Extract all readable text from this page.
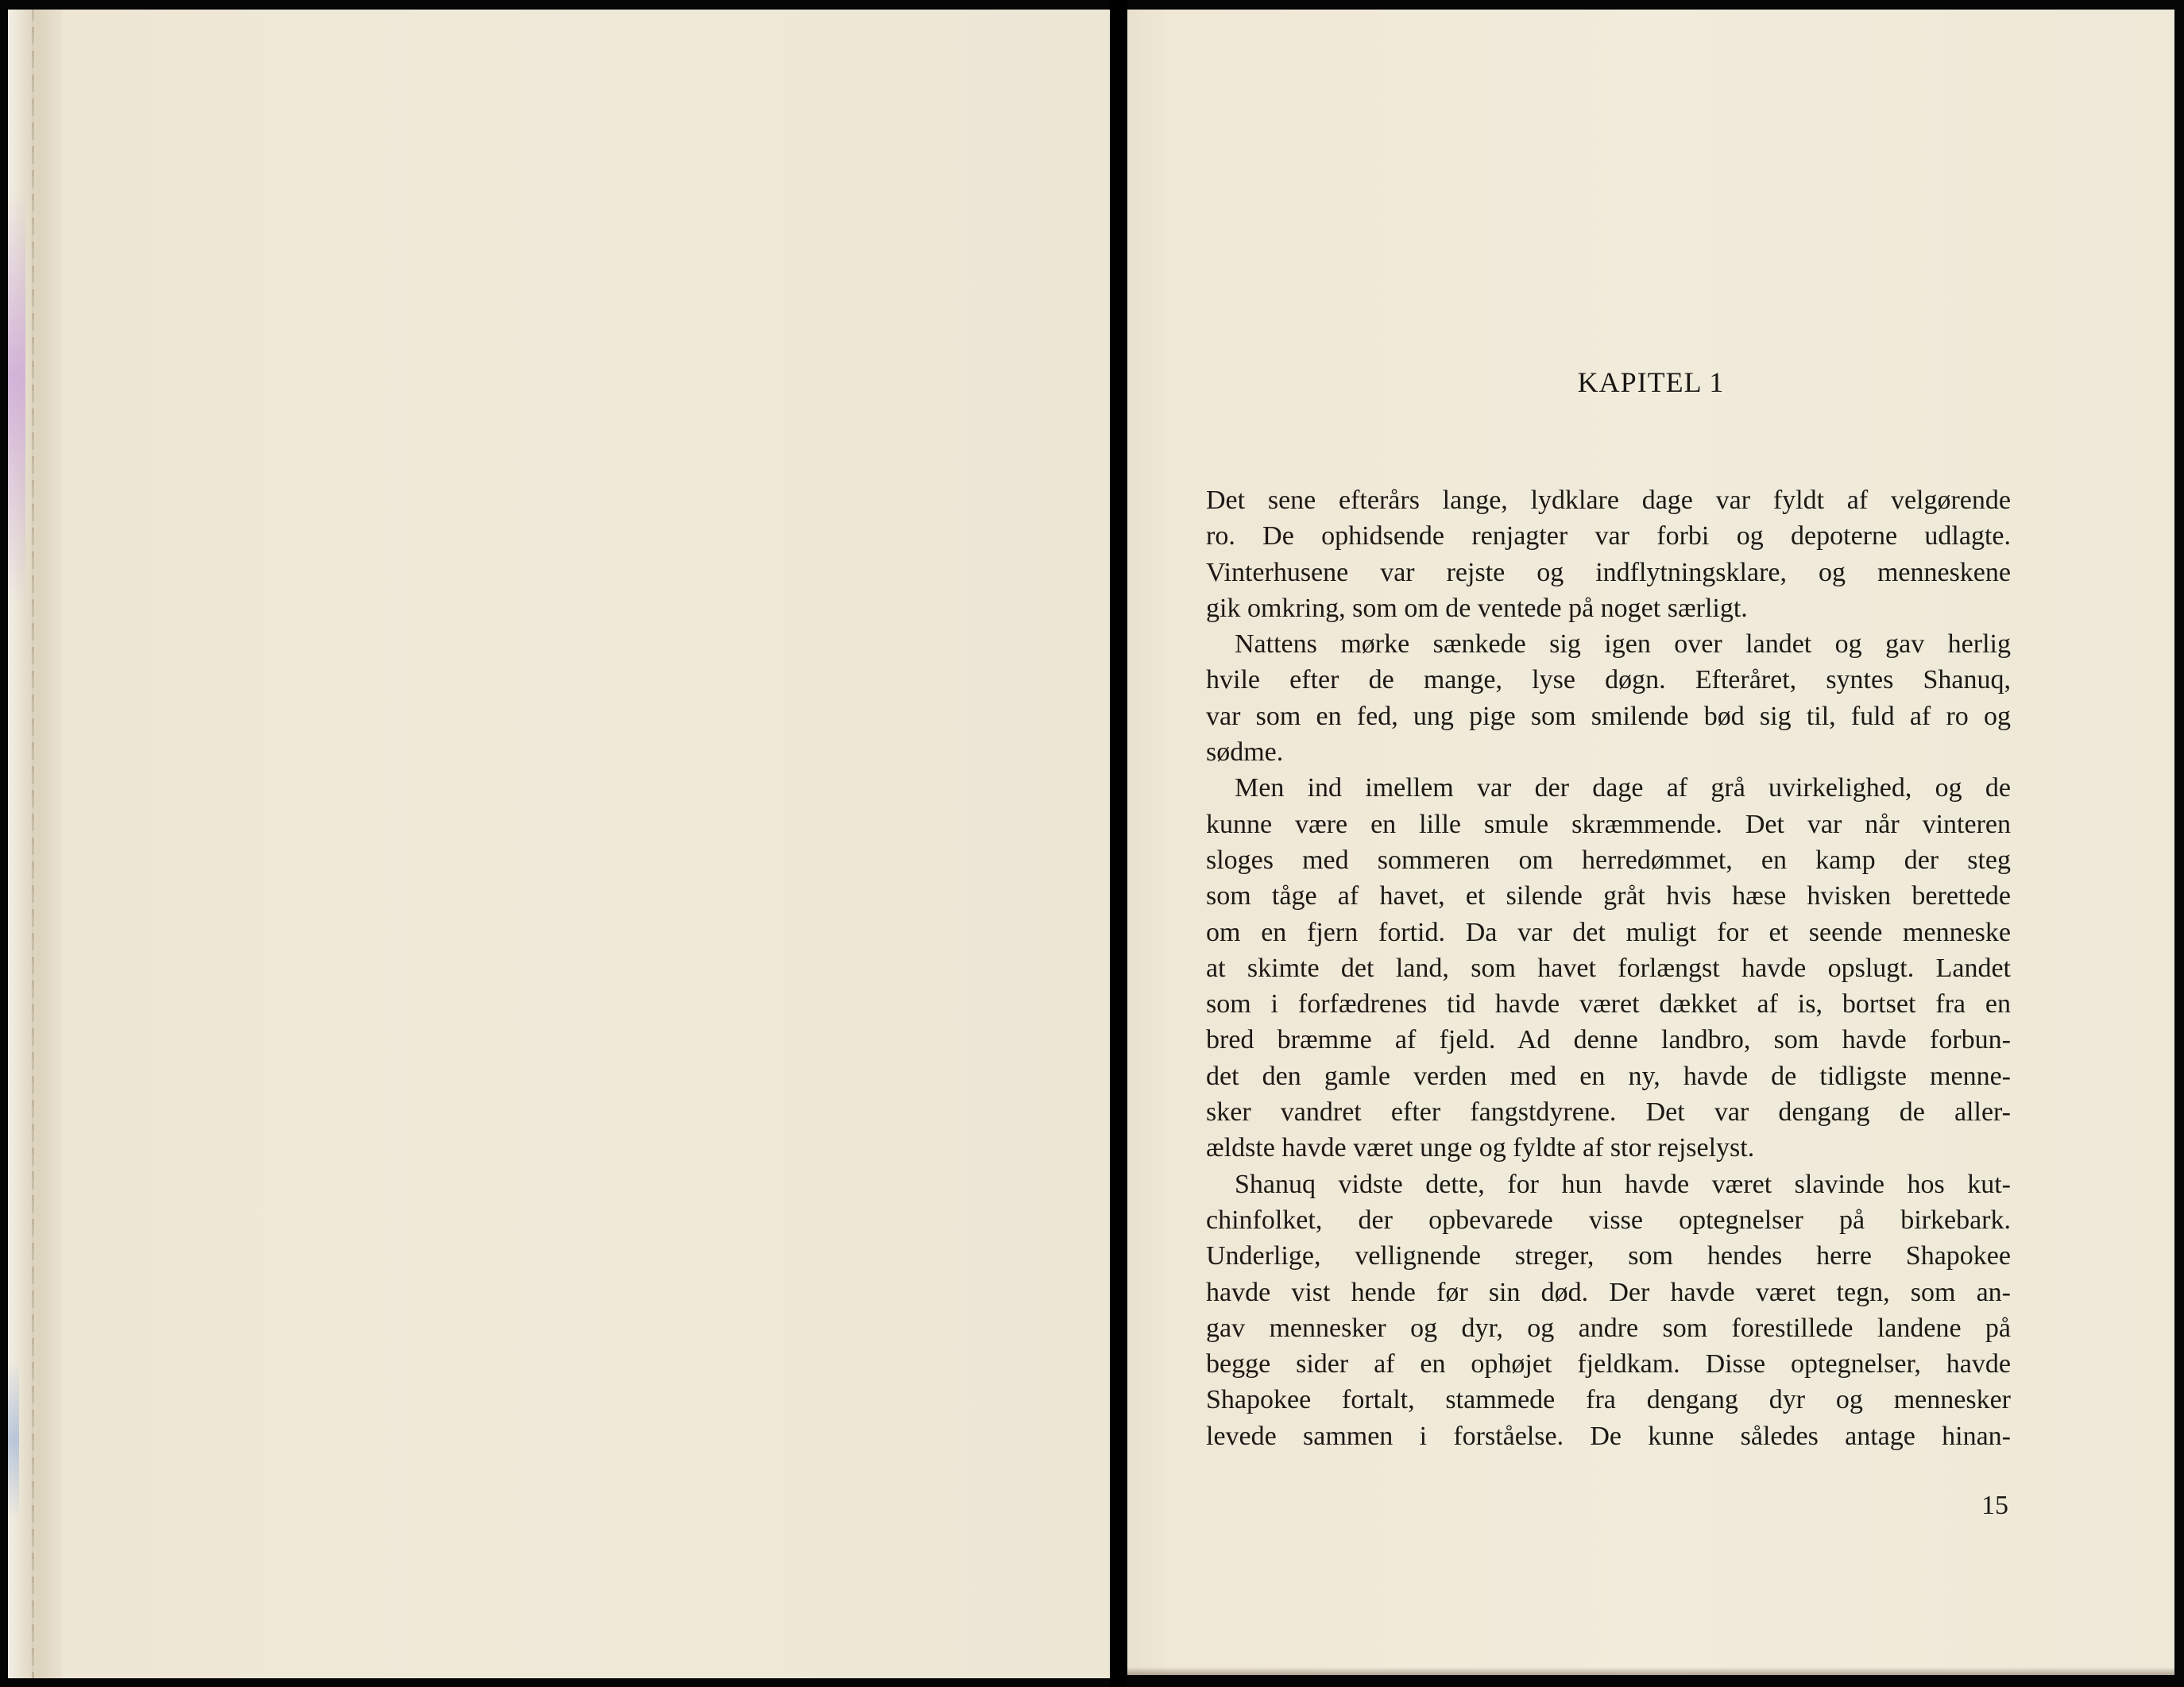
KAPITEL 1
Det sene efterårs lange, lydklare dage var fyldt af velgørende
ro. De ophidsende renjagter var forbi og depoterne udlagte.
Vinterhusene var rejste og indflytningsklare, og menneskene
gik omkring, som om de ventede på noget særligt.
Nattens mørke sænkede sig igen over landet og gav herlig
hvile efter de mange, lyse døgn. Efteråret, syntes Shanuq,
var som en fed, ung pige som smilende bød sig til, fuld af ro og
sødme.
Men ind imellem var der dage af grå uvirkelighed, og de
kunne være en lille smule skræmmende. Det var når vinteren
sloges med sommeren om herredømmet, en kamp der steg
som tåge af havet, et silende gråt hvis hæse hvisken berettede
om en fjern fortid. Da var det muligt for et seende menneske
at skimte det land, som havet forlængst havde opslugt. Landet
som i forfædrenes tid havde været dækket af is, bortset fra en
bred bræmme af fjeld. Ad denne landbro, som havde forbun-
det den gamle verden med en ny, havde de tidligste menne-
sker vandret efter fangstdyrene. Det var dengang de aller-
ældste havde været unge og fyldte af stor rejselyst.
Shanuq vidste dette, for hun havde været slavinde hos kut-
chinfolket, der opbevarede visse optegnelser på birkebark.
Underlige, vellignende streger, som hendes herre Shapokee
havde vist hende før sin død. Der havde været tegn, som an-
gav mennesker og dyr, og andre som forestillede landene på
begge sider af en ophøjet fjeldkam. Disse optegnelser, havde
Shapokee fortalt, stammede fra dengang dyr og mennesker
levede sammen i forståelse. De kunne således antage hinan-
15
